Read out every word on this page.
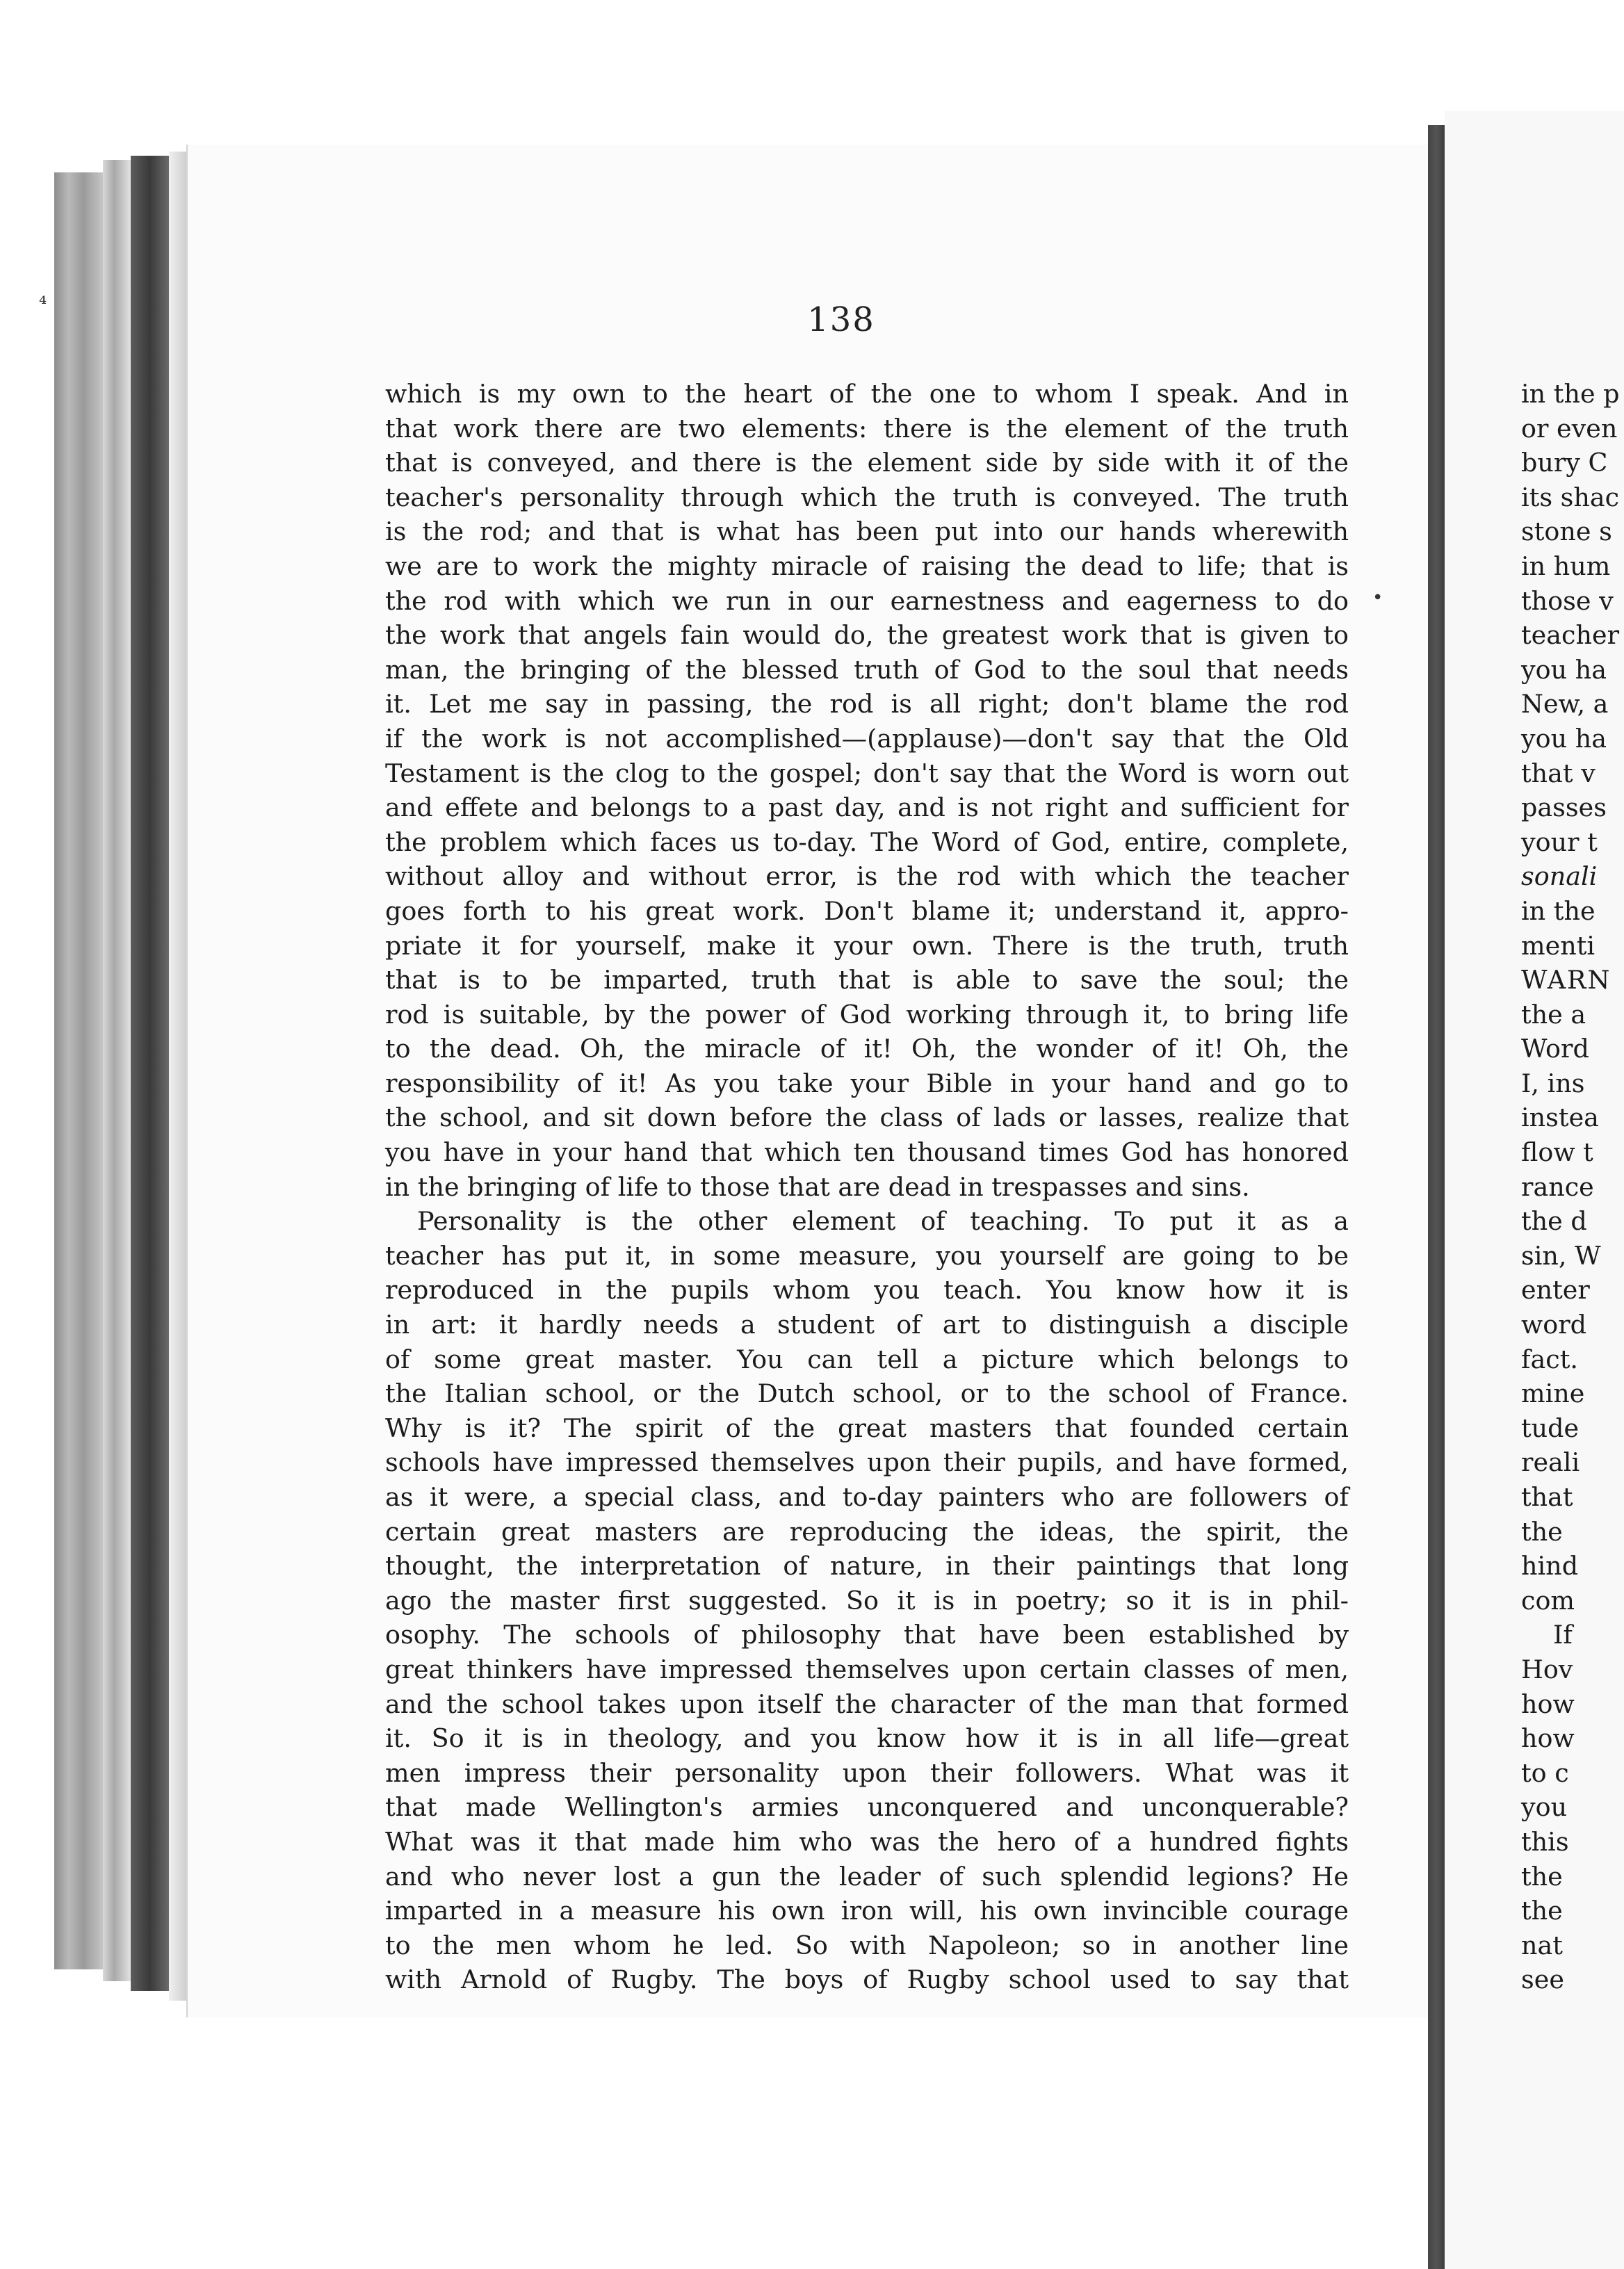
⁴	138
which is my own to the heart of the one to whom I speak. And in
that work there are two elements: there is the element of the truth
that is conveyed, and there is the element side by side with it of the
teacher's personality through which the truth is conveyed. The truth
is the rod; and that is what has been put into our hands wherewith
we are to work the mighty miracle of raising the dead to life; that is
the rod with which we run in our earnestness and eagerness to do
the work that angels fain would do, the greatest work that is given to
man, the bringing of the blessed truth of God to the soul that needs
it. Let me say in passing, the rod is all right; don't blame the rod
if the work is not accomplished—(applause)—don't say that the Old
Testament is the clog to the gospel; don't say that the Word is worn out
and effete and belongs to a past day, and is not right and sufficient for
the problem which faces us to-day. The Word of God, entire, complete,
without alloy and without error, is the rod with which the teacher
goes forth to his great work. Don't blame it; understand it, appro-
priate it for yourself, make it your own. There is the truth, truth
that is to be imparted, truth that is able to save the soul; the
rod is suitable, by the power of God working through it, to bring life
to the dead. Oh, the miracle of it! Oh, the wonder of it! Oh, the
responsibility of it! As you take your Bible in your hand and go to
the school, and sit down before the class of lads or lasses, realize that
you have in your hand that which ten thousand times God has honored
in the bringing of life to those that are dead in trespasses and sins.
Personality is the other element of teaching. To put it as a
teacher has put it, in some measure, you yourself are going to be
reproduced in the pupils whom you teach. You know how it is
in art: it hardly needs a student of art to distinguish a disciple
of some great master. You can tell a picture which belongs to
the Italian school, or the Dutch school, or to the school of France.
Why is it? The spirit of the great masters that founded certain
schools have impressed themselves upon their pupils, and have formed,
as it were, a special class, and to-day painters who are followers of
certain great masters are reproducing the ideas, the spirit, the
thought, the interpretation of nature, in their paintings that long
ago the master first suggested. So it is in poetry; so it is in phil-
osophy. The schools of philosophy that have been established by
great thinkers have impressed themselves upon certain classes of men,
and the school takes upon itself the character of the man that formed
it. So it is in theology, and you know how it is in all life—great
men impress their personality upon their followers. What was it
that made Wellington's armies unconquered and unconquerable?
What was it that made him who was the hero of a hundred fights
and who never lost a gun the leader of such splendid legions? He
imparted in a measure his own iron will, his own invincible courage
to the men whom he led. So with Napoleon; so in another line
with Arnold of Rugby. The boys of Rugby school used to say that
•
in the p
or even
bury C
its shac
stone s
in hum
those v
teacher
you ha
New, a
you ha
that v
passes
your t
sonali
in the
menti
WARN
the a
Word
I, ins
instea
flow t
rance
the d
sin, W
enter
word
fact.
mine
tude
reali
that
the
hind
com
If
Hov
how
how
to c
you
this
the
the
nat
see
